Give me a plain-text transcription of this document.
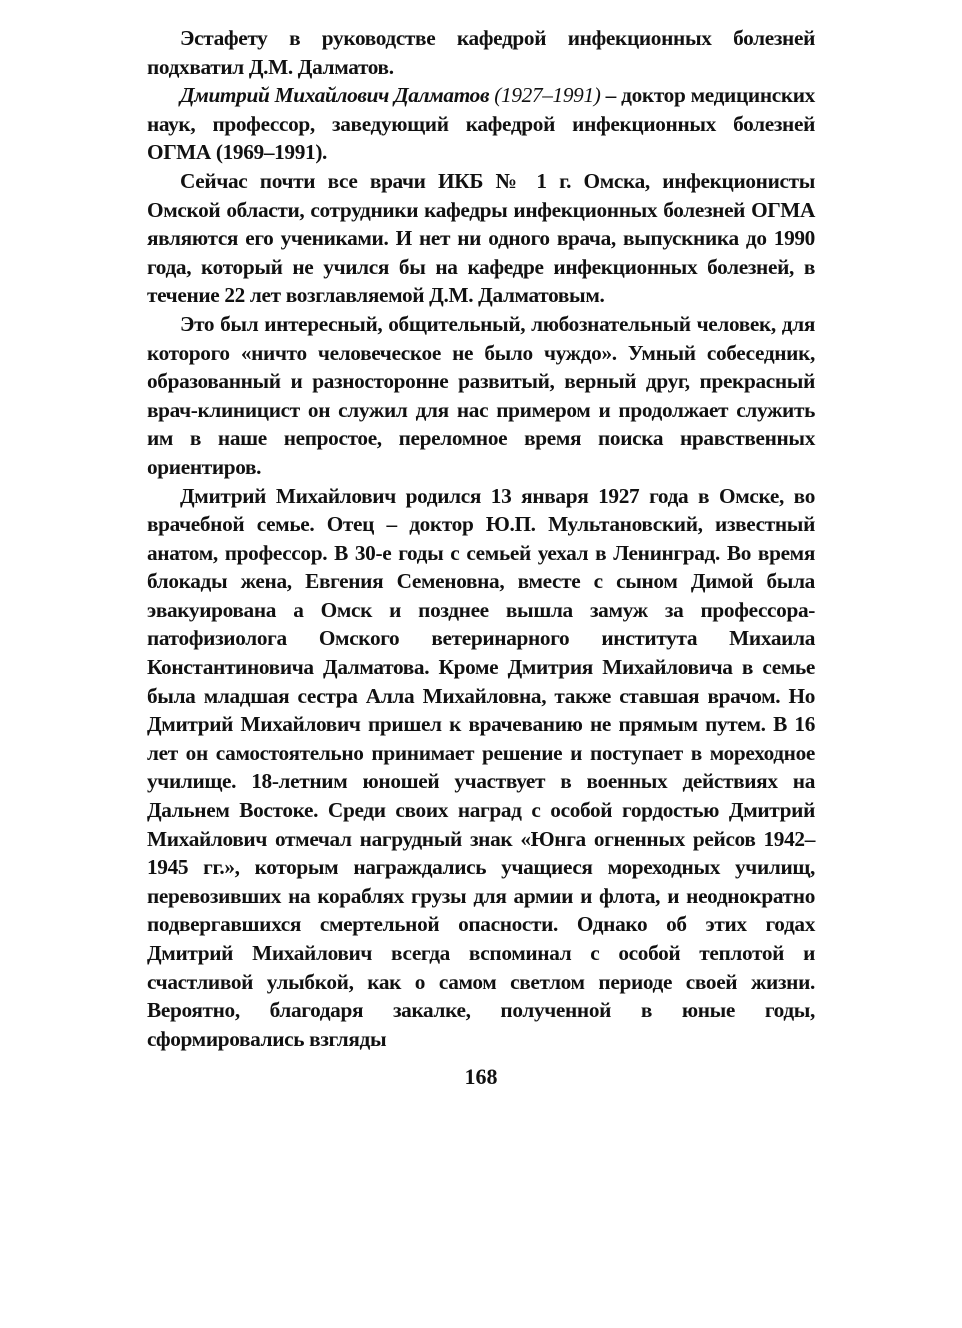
Эстафету в руководстве кафедрой инфекционных болезней подхватил Д.М. Далматов.

Дмитрий Михайлович Далматов (1927–1991) – доктор медицинских наук, профессор, заведующий кафедрой инфекционных болезней ОГМА (1969–1991).

Сейчас почти все врачи ИКБ № 1 г. Омска, инфекционисты Омской области, сотрудники кафедры инфекционных болезней ОГМА являются его учениками. И нет ни одного врача, выпускника до 1990 года, который не учился бы на кафедре инфекционных болезней, в течение 22 лет возглавляемой Д.М. Далматовым.

Это был интересный, общительный, любознательный человек, для которого «ничто человеческое не было чуждо». Умный собеседник, образованный и разносторонне развитый, верный друг, прекрасный врач-клиницист он служил для нас примером и продолжает служить им в наше непростое, переломное время поиска нравственных ориентиров.

Дмитрий Михайлович родился 13 января 1927 года в Омске, во врачебной семье. Отец – доктор Ю.П. Мультановский, известный анатом, профессор. В 30-е годы с семьей уехал в Ленинград. Во время блокады жена, Евгения Семеновна, вместе с сыном Димой была эвакуирована а Омск и позднее вышла замуж за профессора-патофизиолога Омского ветеринарного института Михаила Константиновича Далматова. Кроме Дмитрия Михайловича в семье была младшая сестра Алла Михайловна, также ставшая врачом. Но Дмитрий Михайлович пришел к врачеванию не прямым путем. В 16 лет он самостоятельно принимает решение и поступает в мореходное училище. 18-летним юношей участвует в военных действиях на Дальнем Востоке. Среди своих наград с особой гордостью Дмитрий Михайлович отмечал нагрудный знак «Юнга огненных рейсов 1942–1945 гг.», которым награждались учащиеся мореходных училищ, перевозивших на кораблях грузы для армии и флота, и неоднократно подвергавшихся смертельной опасности. Однако об этих годах Дмитрий Михайлович всегда вспоминал с особой теплотой и счастливой улыбкой, как о самом светлом периоде своей жизни. Вероятно, благодаря закалке, полученной в юные годы, сформировались взгляды

168
